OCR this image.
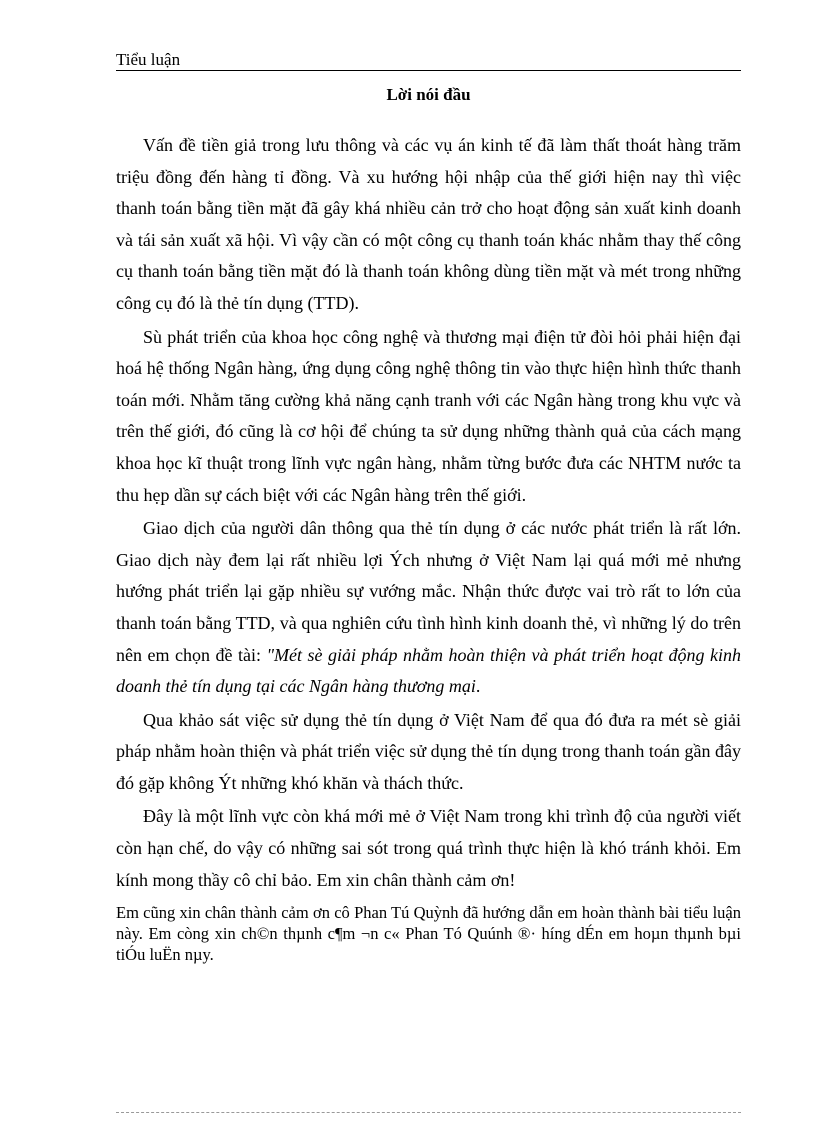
Tiểu luận
Lời nói đầu

Vấn đề tiền giả trong lưu thông và các vụ án kinh tế đã làm thất thoát hàng trăm triệu đồng đến hàng tỉ đồng. Và xu hướng hội nhập của thế giới hiện nay thì việc thanh toán bằng tiền mặt đã gây khá nhiều cản trở cho hoạt động sản xuất kinh doanh và tái sản xuất xã hội. Vì vậy cần có một công cụ thanh toán khác nhằm thay thế công cụ thanh toán bằng tiền mặt đó là thanh toán không dùng tiền mặt và mét trong những công cụ đó là thẻ tín dụng (TTD).

Sù phát triển của khoa học công nghệ và thương mại điện tử đòi hỏi phải hiện đại hoá hệ thống Ngân hàng, ứng dụng công nghệ thông tin vào thực hiện hình thức thanh toán mới. Nhằm tăng cường khả năng cạnh tranh với các Ngân hàng trong khu vực và trên thế giới, đó cũng là cơ hội để chúng ta sử dụng những thành quả của cách mạng khoa học kĩ thuật trong lĩnh vực ngân hàng, nhằm từng bước đưa các NHTM nước ta thu hẹp dần sự cách biệt với các Ngân hàng trên thế giới.

Giao dịch của người dân thông qua thẻ tín dụng ở các nước phát triển là rất lớn. Giao dịch này đem lại rất nhiều lợi Ých nhưng ở Việt Nam lại quá mới mẻ nhưng hướng phát triển lại gặp nhiều sự vướng mắc. Nhận thức được vai trò rất to lớn của thanh toán bằng TTD, và qua nghiên cứu tình hình kinh doanh thẻ, vì những lý do trên nên em chọn đề tài: "Mét sè giải pháp nhằm hoàn thiện và phát triển hoạt động kinh doanh thẻ tín dụng tại các Ngân hàng thương mại.

Qua khảo sát việc sử dụng thẻ tín dụng ở Việt Nam để qua đó đưa ra mét sè giải pháp nhằm hoàn thiện và phát triển việc sử dụng thẻ tín dụng trong thanh toán gần đây đó gặp không Ýt những khó khăn và thách thức.

Đây là một lĩnh vực còn khá mới mẻ ở Việt Nam trong khi trình độ của người viết còn hạn chế, do vậy có những sai sót trong quá trình thực hiện là khó tránh khỏi. Em kính mong thầy cô chỉ bảo. Em xin chân thành cảm ơn!

Em cũng xin chân thành cảm ơn cô Phan Tú Quỳnh đã hướng dẫn em hoàn thành bài tiểu luận này. Em còng xin ch©n thµnh c¶m ¬n c« Phan Tó Quúnh ®· híng dÉn em hoµn thµnh bµi tiÓu luËn nµy.
